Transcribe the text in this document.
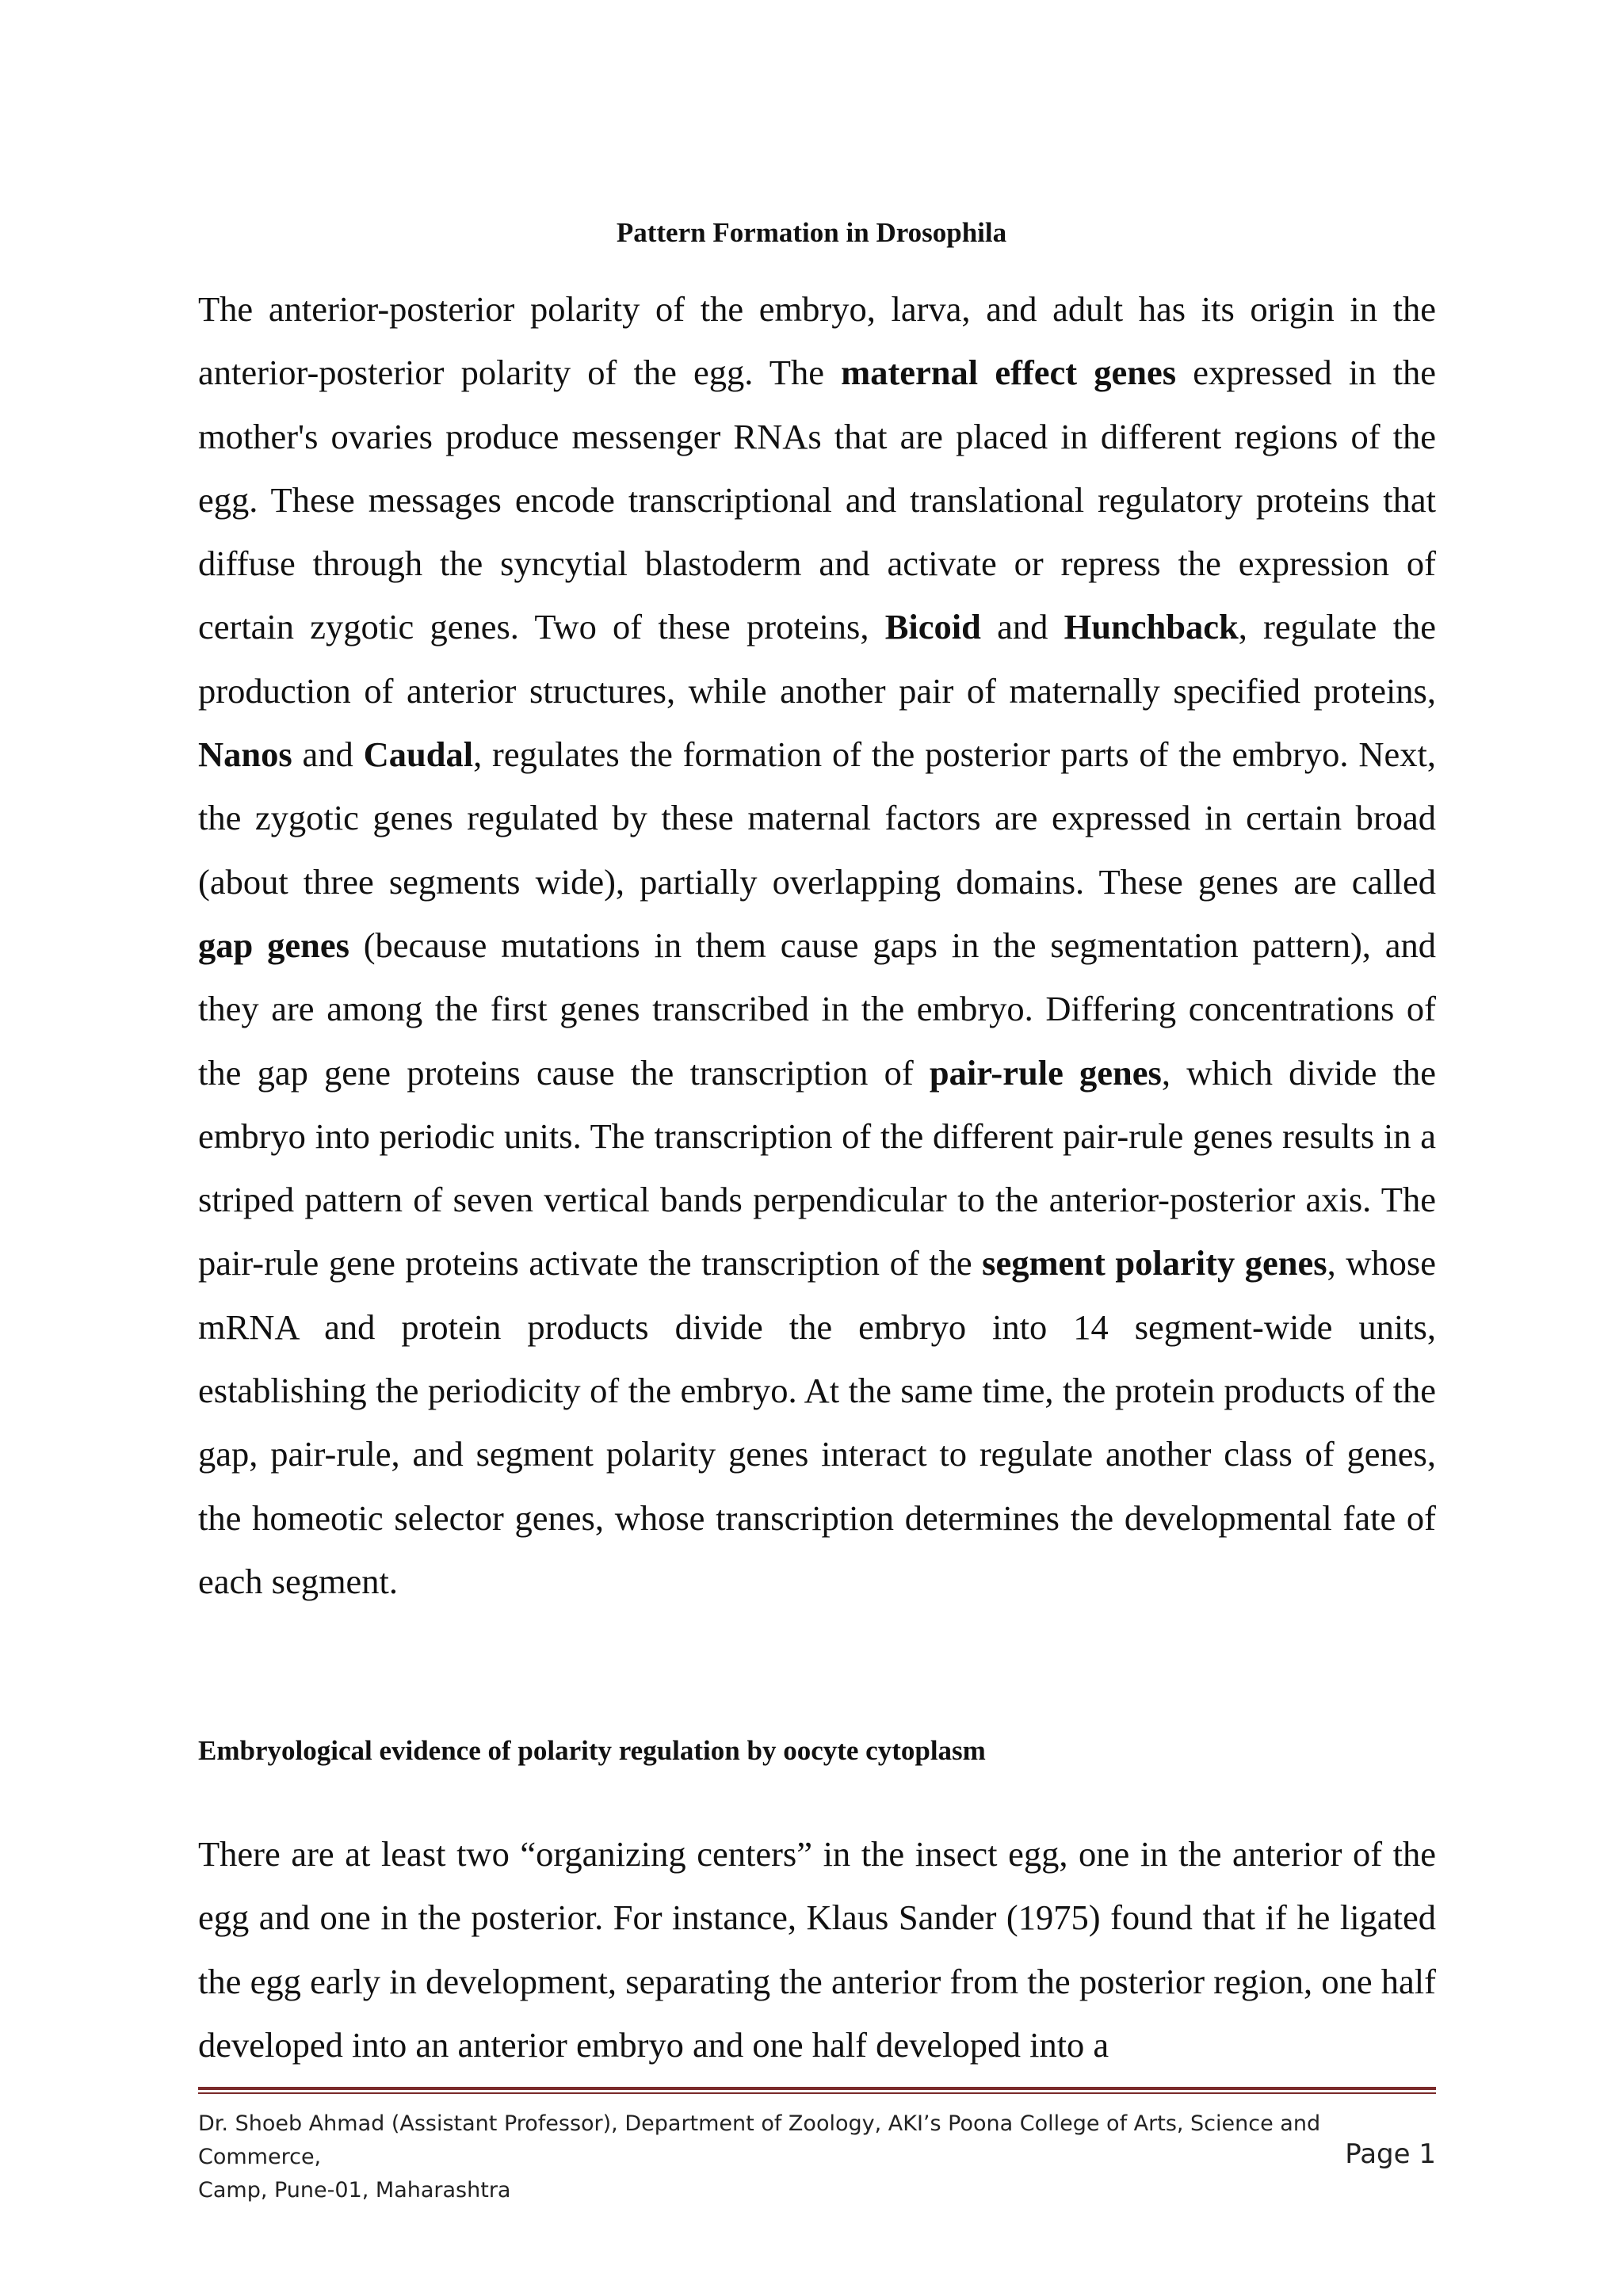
Pattern Formation in Drosophila

The anterior-posterior polarity of the embryo, larva, and adult has its origin in the anterior-posterior polarity of the egg. The maternal effect genes expressed in the mother's ovaries produce messenger RNAs that are placed in different regions of the egg. These messages encode transcriptional and translational regulatory proteins that diffuse through the syncytial blastoderm and activate or repress the expression of certain zygotic genes. Two of these proteins, Bicoid and Hunchback, regulate the production of anterior structures, while another pair of maternally specified proteins, Nanos and Caudal, regulates the formation of the posterior parts of the embryo. Next, the zygotic genes regulated by these maternal factors are expressed in certain broad (about three segments wide), partially overlapping domains. These genes are called gap genes (because mutations in them cause gaps in the segmentation pattern), and they are among the first genes transcribed in the embryo. Differing concentrations of the gap gene proteins cause the transcription of pair-rule genes, which divide the embryo into periodic units. The transcription of the different pair-rule genes results in a striped pattern of seven vertical bands perpendicular to the anterior-posterior axis. The pair-rule gene proteins activate the transcription of the segment polarity genes, whose mRNA and protein products divide the embryo into 14 segment-wide units, establishing the periodicity of the embryo. At the same time, the protein products of the gap, pair-rule, and segment polarity genes interact to regulate another class of genes, the homeotic selector genes, whose transcription determines the developmental fate of each segment.

Embryological evidence of polarity regulation by oocyte cytoplasm

There are at least two “organizing centers” in the insect egg, one in the anterior of the egg and one in the posterior. For instance, Klaus Sander (1975) found that if he ligated the egg early in development, separating the anterior from the posterior region, one half developed into an anterior embryo and one half developed into a

Dr. Shoeb Ahmad (Assistant Professor), Department of Zoology, AKI’s Poona College of Arts, Science and Commerce,
Camp, Pune-01, Maharashtra
Page 1
